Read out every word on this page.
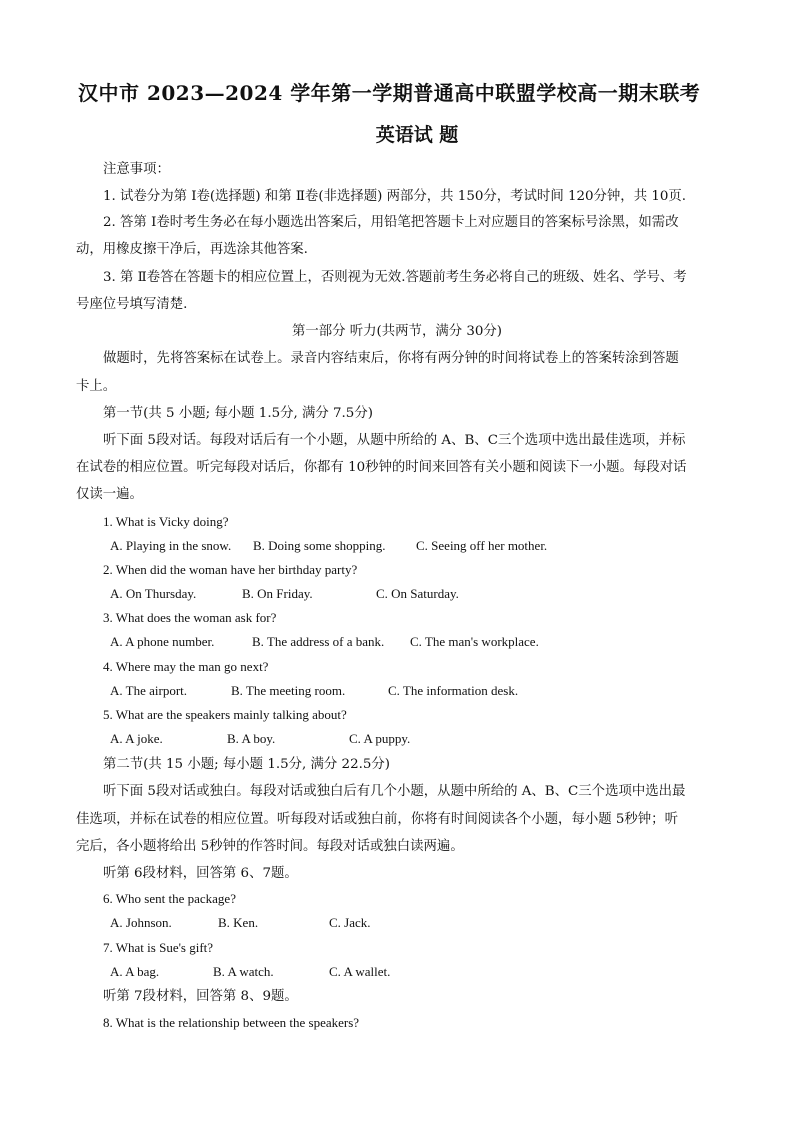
汉中市 2023—2024 学年第一学期普通高中联盟学校高一期末联考
英语试 题
注意事项：
1. 试卷分为第 Ⅰ卷(选择题) 和第 Ⅱ卷(非选择题) 两部分，共 150分，考试时间 120分钟，共 10页.
2. 答第 Ⅰ卷时考生务必在每小题选出答案后，用铅笔把答题卡上对应题目的答案标号涂黑，如需改
动，用橡皮擦干净后，再选涂其他答案.
3. 第 Ⅱ卷答在答题卡的相应位置上，否则视为无效.答题前考生务必将自己的班级、姓名、学号、考
号座位号填写清楚.
第一部分 听力(共两节，满分 30分)
做题时，先将答案标在试卷上。录音内容结束后，你将有两分钟的时间将试卷上的答案转涂到答题
卡上。
第一节(共 5 小题; 每小题 1.5分, 满分 7.5分)
听下面 5段对话。每段对话后有一个小题，从题中所给的 A、B、C三个选项中选出最佳选项，并标
在试卷的相应位置。听完每段对话后，你都有 10秒钟的时间来回答有关小题和阅读下一小题。每段对话
仅读一遍。
1. What is Vicky doing?
A. Playing in the snow. B. Doing some shopping. C. Seeing off her mother.
2. When did the woman have her birthday party?
A. On Thursday.	B. On Friday.	C. On Saturday.
3. What does the woman ask for?
A. A phone number.	B. The address of a bank. C. The man's workplace.
4. Where may the man go next?
A. The airport.	B. The meeting room.	C. The information desk.
5. What are the speakers mainly talking about?
A. A joke.	B. A boy.	C. A puppy.
第二节(共 15 小题; 每小题 1.5分, 满分 22.5分)
听下面 5段对话或独白。每段对话或独白后有几个小题，从题中所给的 A、B、C三个选项中选出最
佳选项，并标在试卷的相应位置。听每段对话或独白前，你将有时间阅读各个小题，每小题 5秒钟；听
完后，各小题将给出 5秒钟的作答时间。每段对话或独白读两遍。
听第 6段材料，回答第 6、7题。
6. Who sent the package?
A. Johnson.	B. Ken.	C. Jack.
7. What is Sue's gift?
A. A bag.	B. A watch.	C. A wallet.
听第 7段材料，回答第 8、9题。
8. What is the relationship between the speakers?
